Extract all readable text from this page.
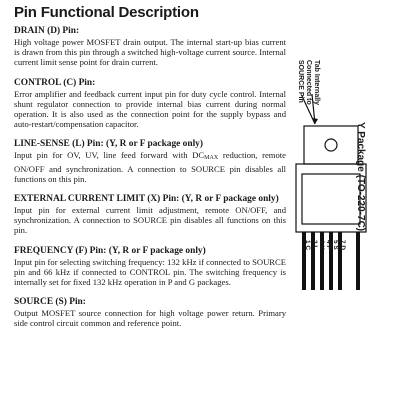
Pin Functional Description
DRAIN (D) Pin:
High voltage power MOSFET drain output. The internal start-up bias current is drawn from this pin through a switched high-voltage current source. Internal current limit sense point for drain current.
CONTROL (C) Pin:
Error amplifier and feedback current input pin for duty cycle control. Internal shunt regulator connection to provide internal bias current during normal operation. It is also used as the connection point for the supply bypass and auto-restart/compensation capacitor.
LINE-SENSE (L) Pin: (Y, R or F package only)
Input pin for OV, UV, line feed forward with DCMAX reduction, remote ON/OFF and synchronization. A connection to SOURCE pin disables all functions on this pin.
EXTERNAL CURRENT LIMIT (X) Pin: (Y, R or F package only)
Input pin for external current limit adjustment, remote ON/OFF, and synchronization. A connection to SOURCE pin disables all functions on this pin.
FREQUENCY (F) Pin: (Y, R or F package only)
Input pin for selecting switching frequency: 132 kHz if connected to SOURCE pin and 66 kHz if connected to CONTROL pin. The switching frequency is internally set for fixed 132 kHz operation in P and G packages.
SOURCE (S) Pin:
Output MOSFET source connection for high voltage power return. Primary side control circuit common and reference point.
Y Package (TO-220-7C)
Tab Internally
Connected to
SOURCE Pin
7 D
5 S
4 F
3 X
2 L
1 C
